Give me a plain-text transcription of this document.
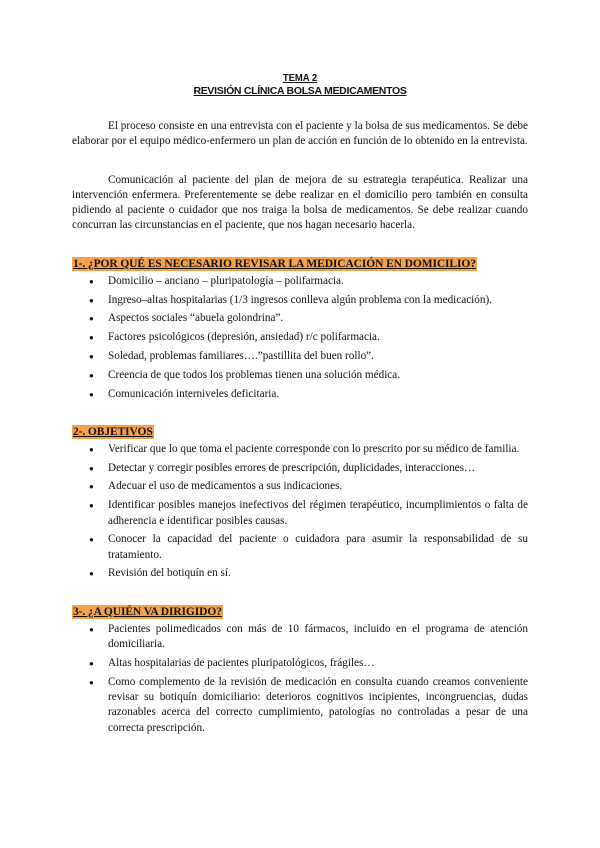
TEMA 2
REVISIÓN CLÍNICA BOLSA MEDICAMENTOS

El proceso consiste en una entrevista con el paciente y la bolsa de sus medicamentos. Se debe elaborar por el equipo médico-enfermero un plan de acción en función de lo obtenido en la entrevista.

Comunicación al paciente del plan de mejora de su estrategia terapéutica. Realizar una intervención enfermera. Preferentemente se debe realizar en el domicilio pero también en consulta pidiendo al paciente o cuidador que nos traiga la bolsa de medicamentos. Se debe realizar cuando concurran las circunstancias en el paciente, que nos hagan necesario hacerla.

1-. ¿POR QUÉ ES NECESARIO REVISAR LA MEDICACIÓN EN DOMICILIO?
● Domicilio – anciano – pluripatología – polifarmacia.
● Ingreso–altas hospitalarias (1/3 ingresos conlleva algún problema con la medicación).
● Aspectos sociales “abuela golondrina”.
● Factores psicológicos (depresión, ansiedad) r/c polifarmacia.
● Soledad, problemas familiares….”pastillita del buen rollo”.
● Creencia de que todos los problemas tienen una solución médica.
● Comunicación interniveles deficitaria.
2-. OBJETIVOS
● Verificar que lo que toma el paciente corresponde con lo prescrito por su médico de familia.
● Detectar y corregir posibles errores de prescripción, duplicidades, interacciones…
● Adecuar el uso de medicamentos a sus indicaciones.
● Identificar posibles manejos inefectivos del régimen terapéutico, incumplimientos o falta de adherencia e identificar posibles causas.
● Conocer la capacidad del paciente o cuidadora para asumir la responsabilidad de su tratamiento.
● Revisión del botiquín en sí.
3-. ¿A QUIÉN VA DIRIGIDO?
● Pacientes polimedicados con más de 10 fármacos, incluido en el programa de atención domiciliaria.
● Altas hospitalarias de pacientes pluripatológicos, frágiles…
● Como complemento de la revisión de medicación en consulta cuando creamos conveniente revisar su botiquín domiciliario: deterioros cognitivos incipientes, incongruencias, dudas razonables acerca del correcto cumplimiento, patologías no controladas a pesar de una correcta prescripción.
